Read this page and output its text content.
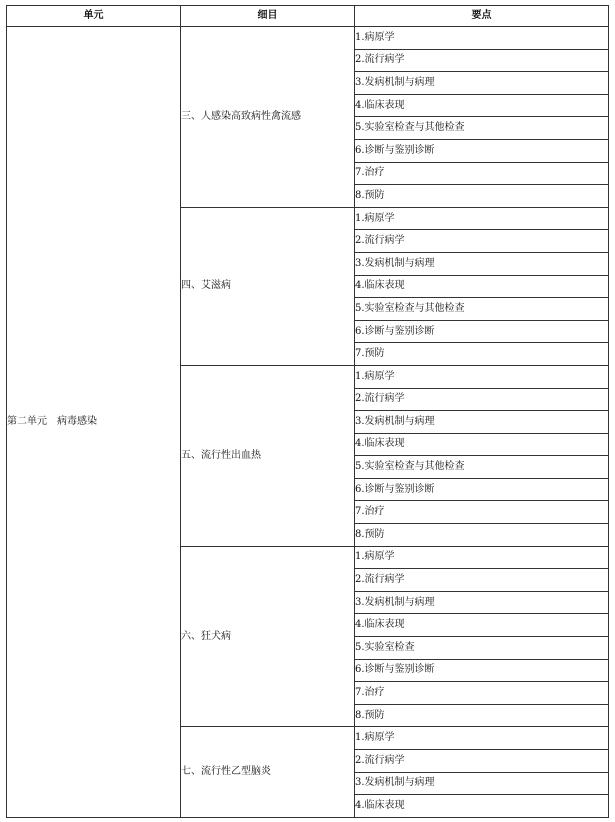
单元	细目	要点
第二单元 病毒感染	三、人感染高致病性禽流感	1.病原学
		2.流行病学
		3.发病机制与病理
		4.临床表现
		5.实验室检查与其他检查
		6.诊断与鉴别诊断
		7.治疗
		8.预防
	四、艾滋病	1.病原学
		2.流行病学
		3.发病机制与病理
		4.临床表现
		5.实验室检查与其他检查
		6.诊断与鉴别诊断
		7.预防
	五、流行性出血热	1.病原学
		2.流行病学
		3.发病机制与病理
		4.临床表现
		5.实验室检查与其他检查
		6.诊断与鉴别诊断
		7.治疗
		8.预防
	六、狂犬病	1.病原学
		2.流行病学
		3.发病机制与病理
		4.临床表现
		5.实验室检查
		6.诊断与鉴别诊断
		7.治疗
		8.预防
	七、流行性乙型脑炎	1.病原学
		2.流行病学
		3.发病机制与病理
		4.临床表现
